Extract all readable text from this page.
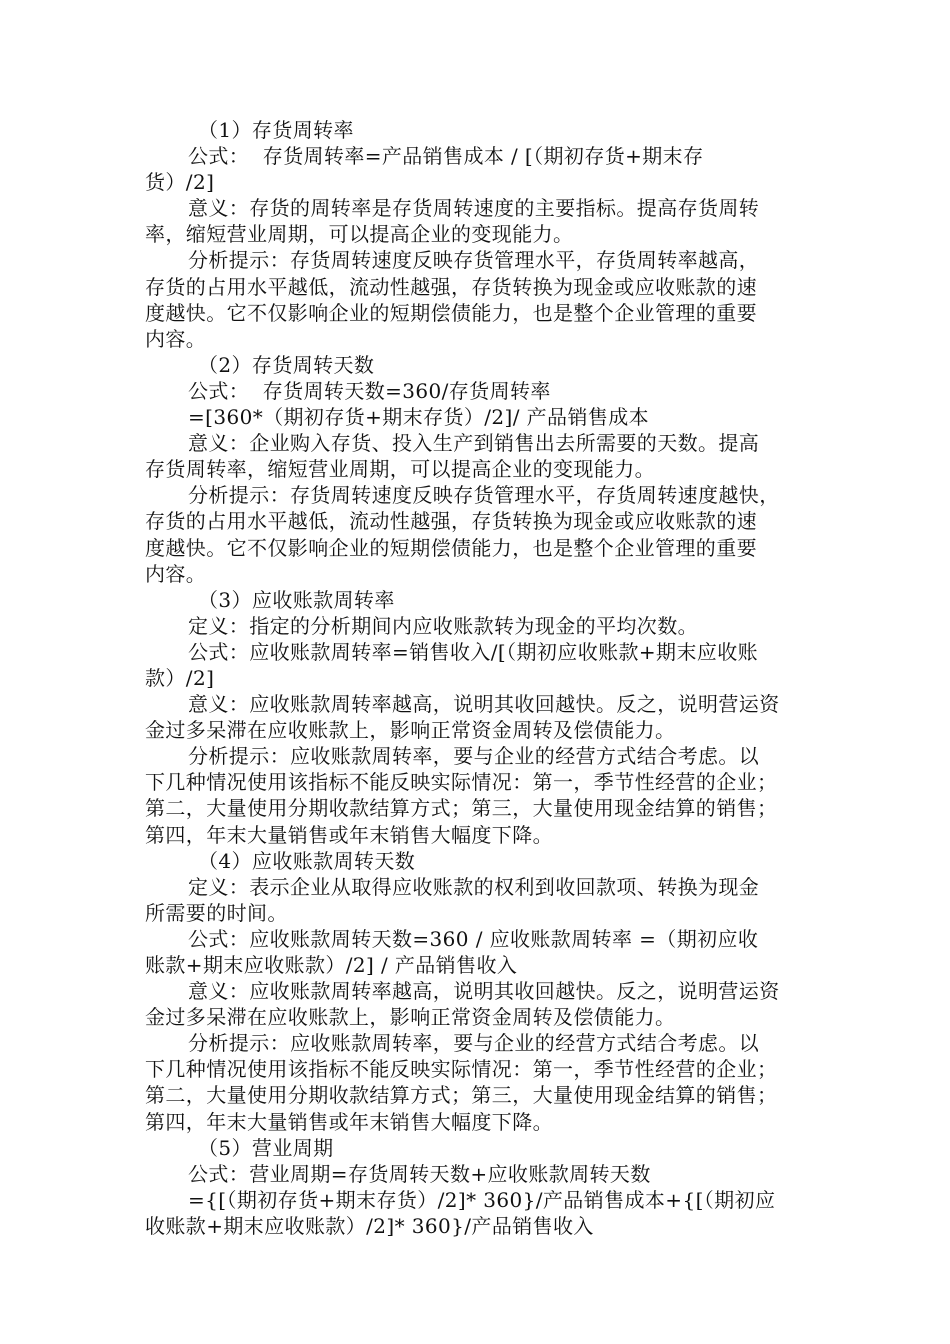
（1）存货周转率
公式：  存货周转率=产品销售成本 / [（期初存货+期末存
货）/2]
意义：存货的周转率是存货周转速度的主要指标。提高存货周转
率，缩短营业周期，可以提高企业的变现能力。
分析提示：存货周转速度反映存货管理水平，存货周转率越高，
存货的占用水平越低，流动性越强，存货转换为现金或应收账款的速
度越快。它不仅影响企业的短期偿债能力，也是整个企业管理的重要
内容。
（2）存货周转天数
公式：  存货周转天数=360/存货周转率
=[360*（期初存货+期末存货）/2]/ 产品销售成本
意义：企业购入存货、投入生产到销售出去所需要的天数。提高
存货周转率，缩短营业周期，可以提高企业的变现能力。
分析提示：存货周转速度反映存货管理水平，存货周转速度越快，
存货的占用水平越低，流动性越强，存货转换为现金或应收账款的速
度越快。它不仅影响企业的短期偿债能力，也是整个企业管理的重要
内容。
（3）应收账款周转率
定义：指定的分析期间内应收账款转为现金的平均次数。
公式：应收账款周转率=销售收入/[（期初应收账款+期末应收账
款）/2]
意义：应收账款周转率越高，说明其收回越快。反之，说明营运资
金过多呆滞在应收账款上，影响正常资金周转及偿债能力。
分析提示：应收账款周转率，要与企业的经营方式结合考虑。以
下几种情况使用该指标不能反映实际情况：第一，季节性经营的企业；
第二，大量使用分期收款结算方式；第三，大量使用现金结算的销售；
第四，年末大量销售或年末销售大幅度下降。
（4）应收账款周转天数
定义：表示企业从取得应收账款的权利到收回款项、转换为现金
所需要的时间。
公式：应收账款周转天数=360 / 应收账款周转率 =（期初应收
账款+期末应收账款）/2] / 产品销售收入
意义：应收账款周转率越高，说明其收回越快。反之，说明营运资
金过多呆滞在应收账款上，影响正常资金周转及偿债能力。
分析提示：应收账款周转率，要与企业的经营方式结合考虑。以
下几种情况使用该指标不能反映实际情况：第一，季节性经营的企业；
第二，大量使用分期收款结算方式；第三，大量使用现金结算的销售；
第四，年末大量销售或年末销售大幅度下降。
（5）营业周期
公式：营业周期=存货周转天数+应收账款周转天数
={[（期初存货+期末存货）/2]* 360}/产品销售成本+{[（期初应
收账款+期末应收账款）/2]* 360}/产品销售收入
